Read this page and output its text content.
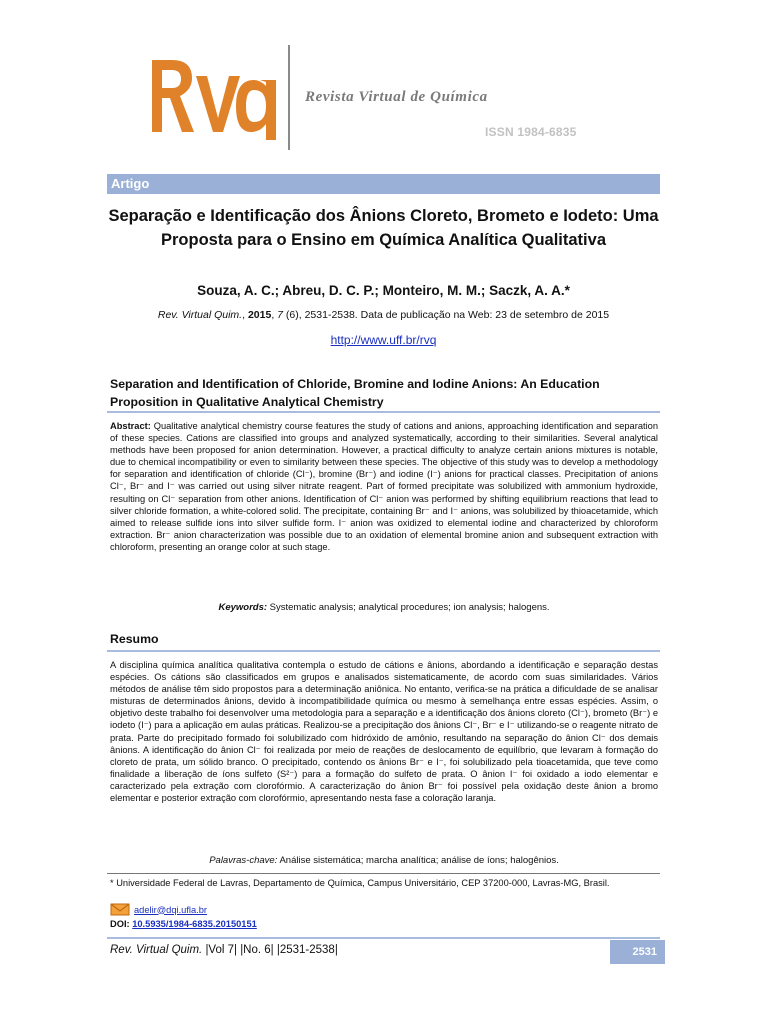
Revista Virtual de Química
ISSN 1984-6835
Artigo
Separação e Identificação dos Ânions Cloreto, Brometo e Iodeto: Uma Proposta para o Ensino em Química Analítica Qualitativa
Souza, A. C.; Abreu, D. C. P.; Monteiro, M. M.; Saczk, A. A.*
Rev. Virtual Quim., 2015, 7 (6), 2531-2538. Data de publicação na Web: 23 de setembro de 2015
http://www.uff.br/rvq
Separation and Identification of Chloride, Bromine and Iodine Anions: An Education Proposition in Qualitative Analytical Chemistry
Abstract: Qualitative analytical chemistry course features the study of cations and anions, approaching identification and separation of these species. Cations are classified into groups and analyzed systematically, according to their similarities. Several analytical methods have been proposed for anion determination. However, a practical difficulty to analyze certain anions mixtures is notable, due to chemical incompatibility or even to similarity between these species. The objective of this study was to develop a methodology for separation and identification of chloride (Cl⁻), bromine (Br⁻) and iodine (I⁻) anions for practical classes. Precipitation of anions Cl⁻, Br⁻ and I⁻ was carried out using silver nitrate reagent. Part of formed precipitate was solubilized with ammonium hydroxide, resulting on Cl⁻ separation from other anions. Identification of Cl⁻ anion was performed by shifting equilibrium reactions that lead to silver chloride formation, a white-colored solid. The precipitate, containing Br⁻ and I⁻ anions, was solubilized by thioacetamide, which aimed to release sulfide ions into silver sulfide form. I⁻ anion was oxidized to elemental iodine and characterized by chloroform extraction. Br⁻ anion characterization was possible due to an oxidation of elemental bromine anion and subsequent extraction with chloroform, presenting an orange color at such stage.
Keywords: Systematic analysis; analytical procedures; ion analysis; halogens.
Resumo
A disciplina química analítica qualitativa contempla o estudo de cátions e ânions, abordando a identificação e separação destas espécies. Os cátions são classificados em grupos e analisados sistematicamente, de acordo com suas similaridades. Vários métodos de análise têm sido propostos para a determinação aniônica. No entanto, verifica-se na prática a dificuldade de se analisar misturas de determinados ânions, devido à incompatibilidade química ou mesmo à semelhança entre essas espécies. Assim, o objetivo deste trabalho foi desenvolver uma metodologia para a separação e a identificação dos ânions cloreto (Cl⁻), brometo (Br⁻) e iodeto (I⁻) para a aplicação em aulas práticas. Realizou-se a precipitação dos ânions Cl⁻, Br⁻ e I⁻ utilizando-se o reagente nitrato de prata. Parte do precipitado formado foi solubilizado com hidróxido de amônio, resultando na separação do ânion Cl⁻ dos demais ânions. A identificação do ânion Cl⁻ foi realizada por meio de reações de deslocamento de equilíbrio, que levaram à formação do cloreto de prata, um sólido branco. O precipitado, contendo os ânions Br⁻ e I⁻, foi solubilizado pela tioacetamida, que teve como finalidade a liberação de íons sulfeto (S²⁻) para a formação do sulfeto de prata. O ânion I⁻ foi oxidado a iodo elementar e caracterizado pela extração com clorofórmio. A caracterização do ânion Br⁻ foi possível pela oxidação deste ânion a bromo elementar e posterior extração com clorofórmio, apresentando nesta fase a coloração laranja.
Palavras-chave: Análise sistemática; marcha analítica; análise de íons; halogênios.
* Universidade Federal de Lavras, Departamento de Química, Campus Universitário, CEP 37200-000, Lavras-MG, Brasil.
adelir@dqi.ufla.br
DOI: 10.5935/1984-6835.20150151
Rev. Virtual Quim. |Vol 7| |No. 6| |2531-2538|	2531
